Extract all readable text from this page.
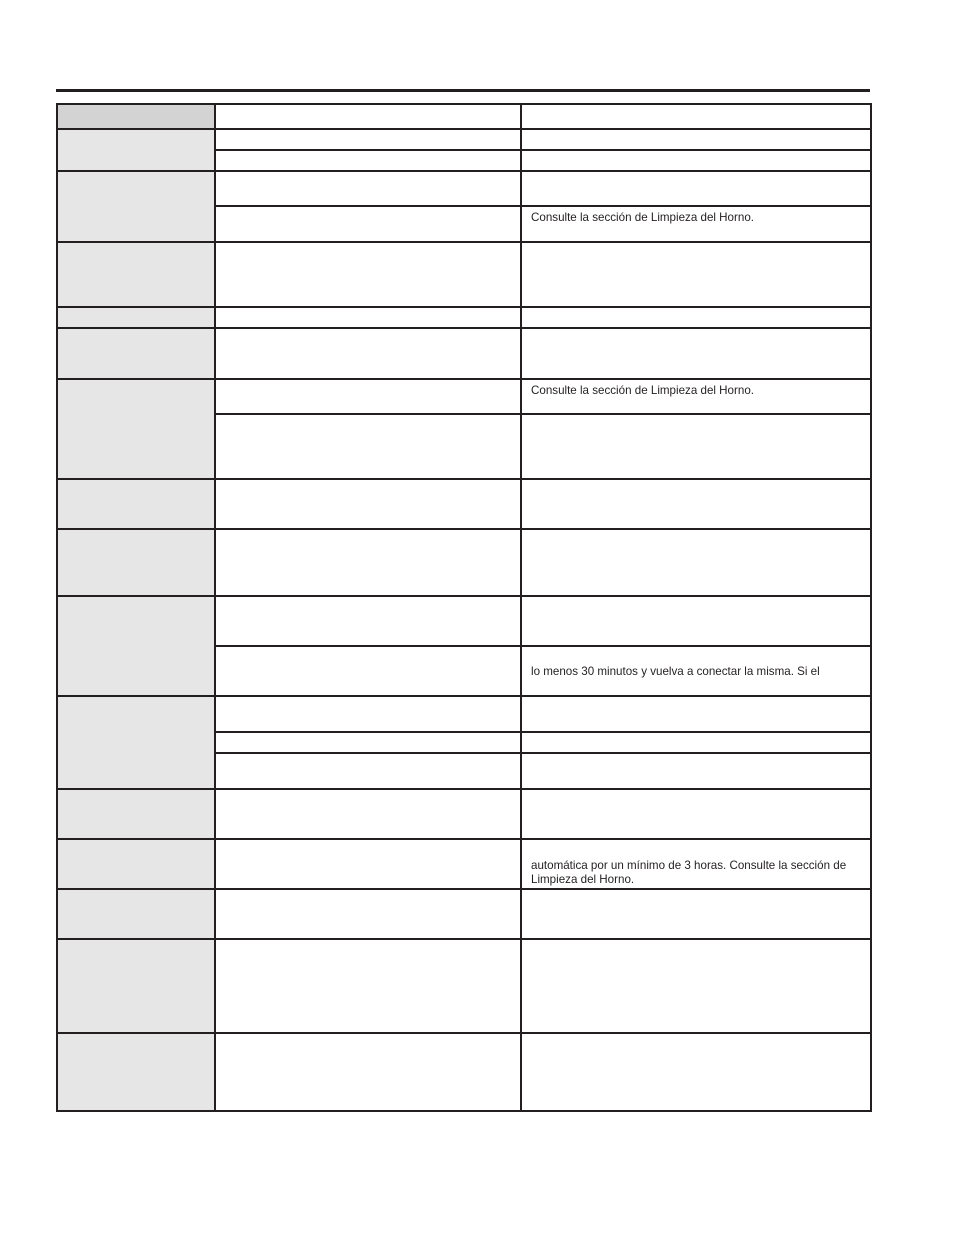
		Consulte la sección de Limpieza del Horno.

		Consulte la sección de Limpieza del Horno.

		lo menos 30 minutos y vuelva a conectar la misma. Si el

		automática por un mínimo de 3 horas. Consulte la sección de Limpieza del Horno.
